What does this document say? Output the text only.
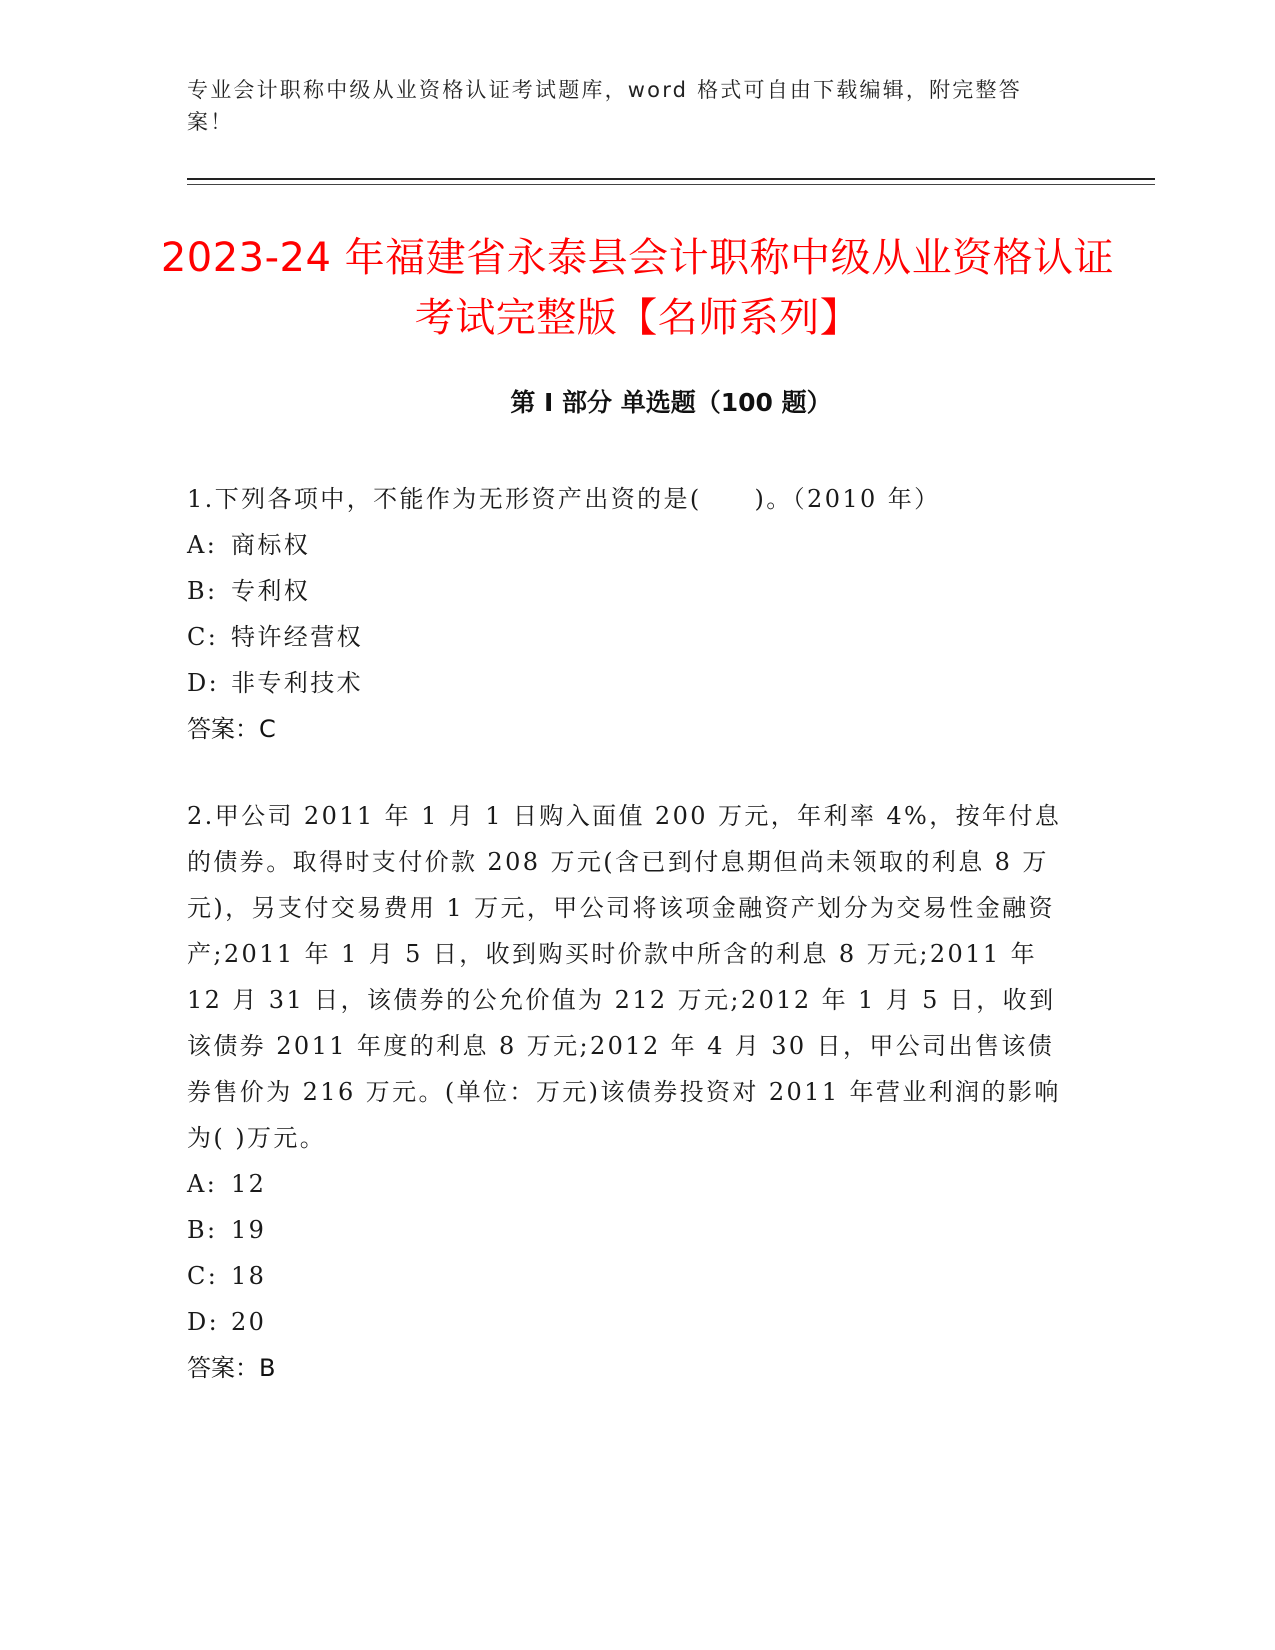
专业会计职称中级从业资格认证考试题库，word 格式可自由下载编辑，附完整答案！
2023-24 年福建省永泰县会计职称中级从业资格认证考试完整版【名师系列】
第 I 部分 单选题（100 题）

1.下列各项中，不能作为无形资产出资的是(　　)。（2010 年）

A: 商标权

B: 专利权

C: 特许经营权

D: 非专利技术

答案：C

2.甲公司 2011 年 1 月 1 日购入面值 200 万元，年利率 4%，按年付息的债券。取得时支付价款 208 万元(含已到付息期但尚未领取的利息 8 万元)，另支付交易费用 1 万元，甲公司将该项金融资产划分为交易性金融资产;2011 年 1 月 5 日，收到购买时价款中所含的利息 8 万元;2011 年 12 月 31 日，该债券的公允价值为 212 万元;2012 年 1 月 5 日，收到该债券 2011 年度的利息 8 万元;2012 年 4 月 30 日，甲公司出售该债券售价为 216 万元。(单位：万元)该债券投资对 2011 年营业利润的影响为( )万元。

A: 12

B: 19

C: 18

D: 20

答案：B
